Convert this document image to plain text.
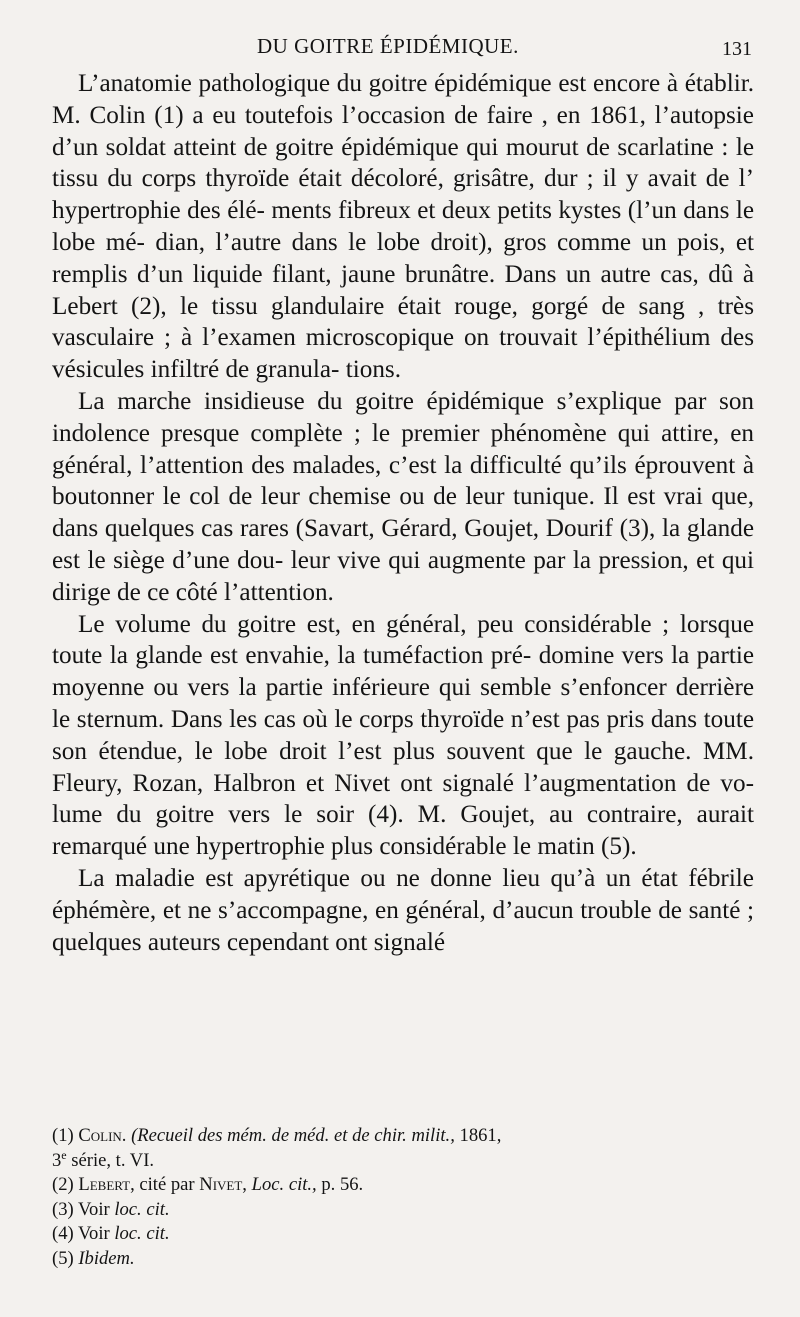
DU GOITRE ÉPIDÉMIQUE.	131

L’anatomie pathologique du goitre épidémique est encore à établir. M. Colin (1) a eu toutefois l’occasion de faire , en 1861, l’autopsie d’un soldat atteint de goitre épidémique qui mourut de scarlatine : le tissu du corps thyroïde était décoloré, grisâtre, dur ; il y avait de l’ hypertrophie des élé- ments fibreux et deux petits kystes (l’un dans le lobe mé- dian, l’autre dans le lobe droit), gros comme un pois, et remplis d’un liquide filant, jaune brunâtre. Dans un autre cas, dû à Lebert (2), le tissu glandulaire était rouge, gorgé de sang , très vasculaire ; à l’examen microscopique on trouvait l’épithélium des vésicules infiltré de granula- tions.

La marche insidieuse du goitre épidémique s’explique par son indolence presque complète ; le premier phénomène qui attire, en général, l’attention des malades, c’est la difficulté qu’ils éprouvent à boutonner le col de leur chemise ou de leur tunique. Il est vrai que, dans quelques cas rares (Savart, Gérard, Goujet, Dourif (3), la glande est le siège d’une dou- leur vive qui augmente par la pression, et qui dirige de ce côté l’attention.

Le volume du goitre est, en général, peu considérable ; lorsque toute la glande est envahie, la tuméfaction pré- domine vers la partie moyenne ou vers la partie inférieure qui semble s’enfoncer derrière le sternum. Dans les cas où le corps thyroïde n’est pas pris dans toute son étendue, le lobe droit l’est plus souvent que le gauche. MM. Fleury, Rozan, Halbron et Nivet ont signalé l’augmentation de vo- lume du goitre vers le soir (4). M. Goujet, au contraire, aurait remarqué une hypertrophie plus considérable le matin (5).

La maladie est apyrétique ou ne donne lieu qu’à un état fébrile éphémère, et ne s’accompagne, en général, d’aucun trouble de santé ; quelques auteurs cependant ont signalé

(1) Colin. (Recueil des mém. de méd. et de chir. milit., 1861,
3e série, t. VI.

(2) Lebert, cité par Nivet, Loc. cit., p. 56.

(3) Voir loc. cit.

(4) Voir loc. cit.

(5) Ibidem.
